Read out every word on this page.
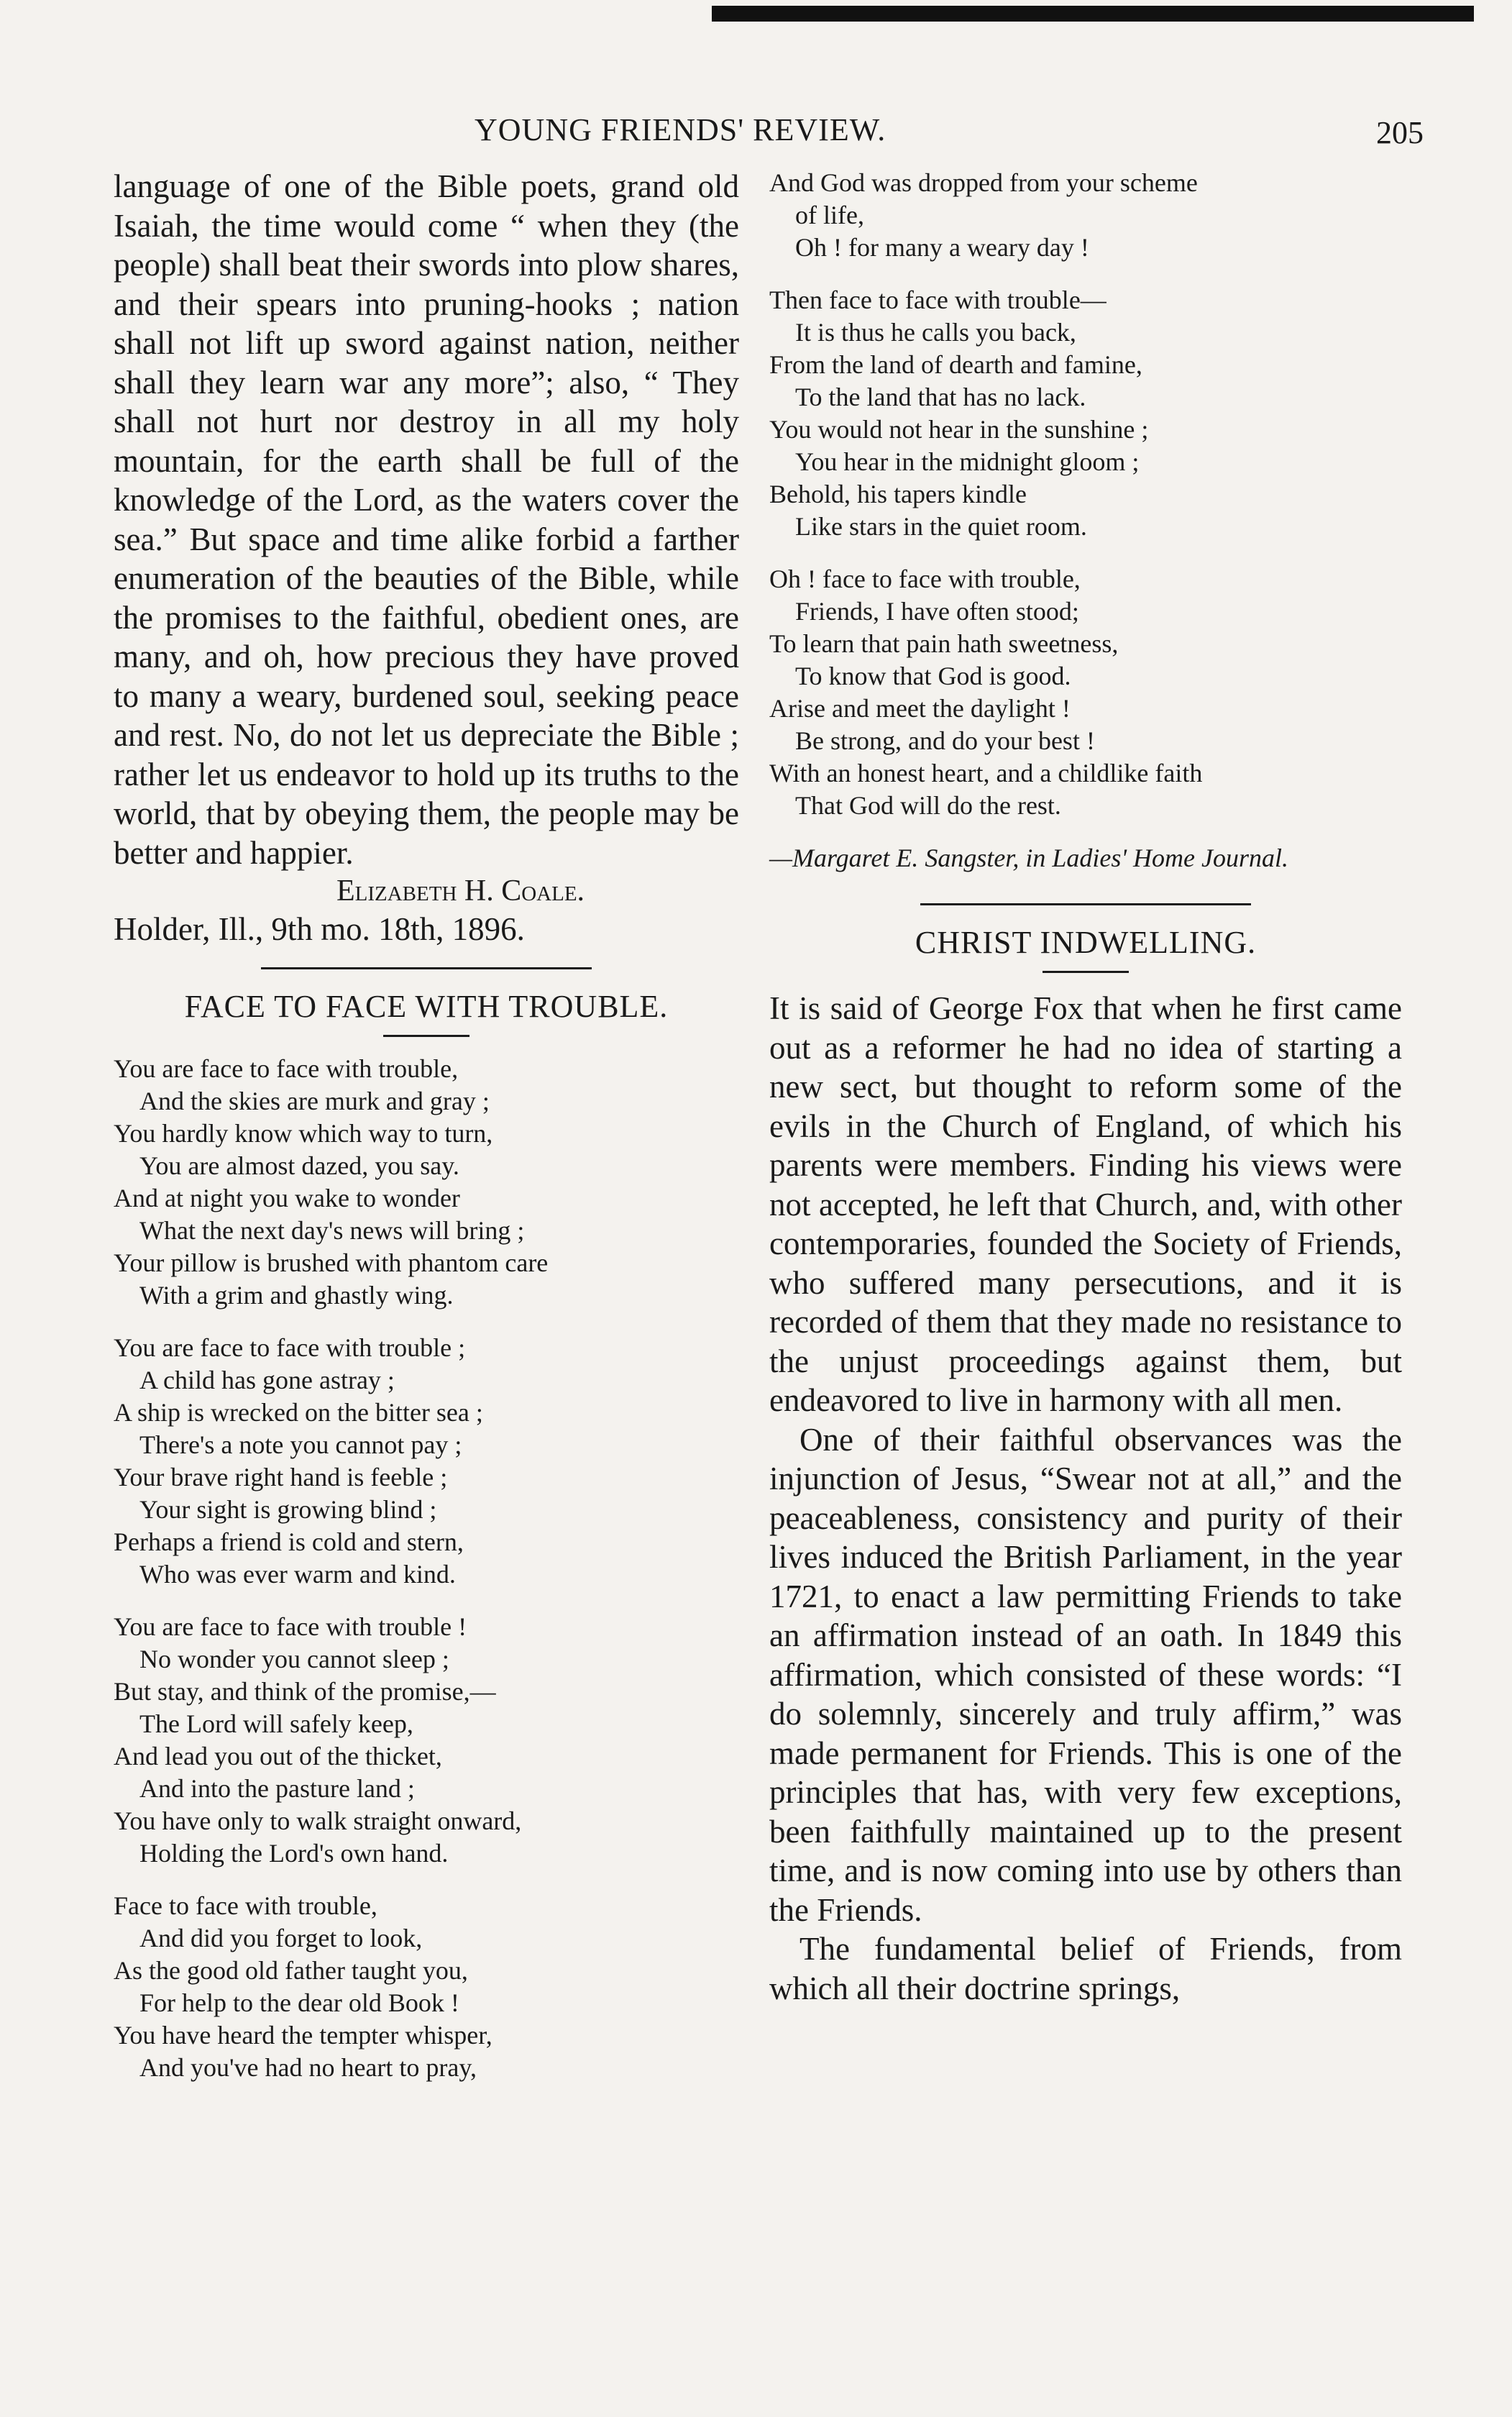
YOUNG FRIENDS' REVIEW.	205

language of one of the Bible poets, grand old Isaiah, the time would come “ when they (the people) shall beat their swords into plow shares, and their spears into pruning-hooks ; nation shall not lift up sword against nation, neither shall they learn war any more”; also, “ They shall not hurt nor destroy in all my holy mountain, for the earth shall be full of the knowledge of the Lord, as the waters cover the sea.” But space and time alike forbid a farther enumeration of the beauties of the Bible, while the promises to the faithful, obedient ones, are many, and oh, how precious they have proved to many a weary, burdened soul, seeking peace and rest. No, do not let us depreciate the Bible ; rather let us endeavor to hold up its truths to the world, that by obeying them, the people may be better and happier.

Elizabeth H. Coale.

Holder, Ill., 9th mo. 18th, 1896.

FACE TO FACE WITH TROUBLE.
You are face to face with trouble,
And the skies are murk and gray ;
You hardly know which way to turn,
You are almost dazed, you say.
And at night you wake to wonder
What the next day's news will bring ;
Your pillow is brushed with phantom care
With a grim and ghastly wing.
You are face to face with trouble ;
A child has gone astray ;
A ship is wrecked on the bitter sea ;
There's a note you cannot pay ;
Your brave right hand is feeble ;
Your sight is growing blind ;
Perhaps a friend is cold and stern,
Who was ever warm and kind.
You are face to face with trouble !
No wonder you cannot sleep ;
But stay, and think of the promise,—
The Lord will safely keep,
And lead you out of the thicket,
And into the pasture land ;
You have only to walk straight onward,
Holding the Lord's own hand.
Face to face with trouble,
And did you forget to look,
As the good old father taught you,
For help to the dear old Book !
You have heard the tempter whisper,
And you've had no heart to pray,
And God was dropped from your scheme
of life,
Oh ! for many a weary day !
Then face to face with trouble—
It is thus he calls you back,
From the land of dearth and famine,
To the land that has no lack.
You would not hear in the sunshine ;
You hear in the midnight gloom ;
Behold, his tapers kindle
Like stars in the quiet room.
Oh ! face to face with trouble,
Friends, I have often stood;
To learn that pain hath sweetness,
To know that God is good.
Arise and meet the daylight !
Be strong, and do your best !
With an honest heart, and a childlike faith
That God will do the rest.

—Margaret E. Sangster, in Ladies' Home Journal.

CHRIST INDWELLING.

It is said of George Fox that when he first came out as a reformer he had no idea of starting a new sect, but thought to reform some of the evils in the Church of England, of which his parents were members. Finding his views were not accepted, he left that Church, and, with other contemporaries, founded the Society of Friends, who suffered many persecutions, and it is recorded of them that they made no resistance to the unjust proceedings against them, but endeavored to live in harmony with all men.

One of their faithful observances was the injunction of Jesus, “Swear not at all,” and the peaceableness, consistency and purity of their lives induced the British Parliament, in the year 1721, to enact a law permitting Friends to take an affirmation instead of an oath. In 1849 this affirmation, which consisted of these words: “I do solemnly, sincerely and truly affirm,” was made permanent for Friends. This is one of the principles that has, with very few exceptions, been faithfully maintained up to the present time, and is now coming into use by others than the Friends.

The fundamental belief of Friends, from which all their doctrine springs,
